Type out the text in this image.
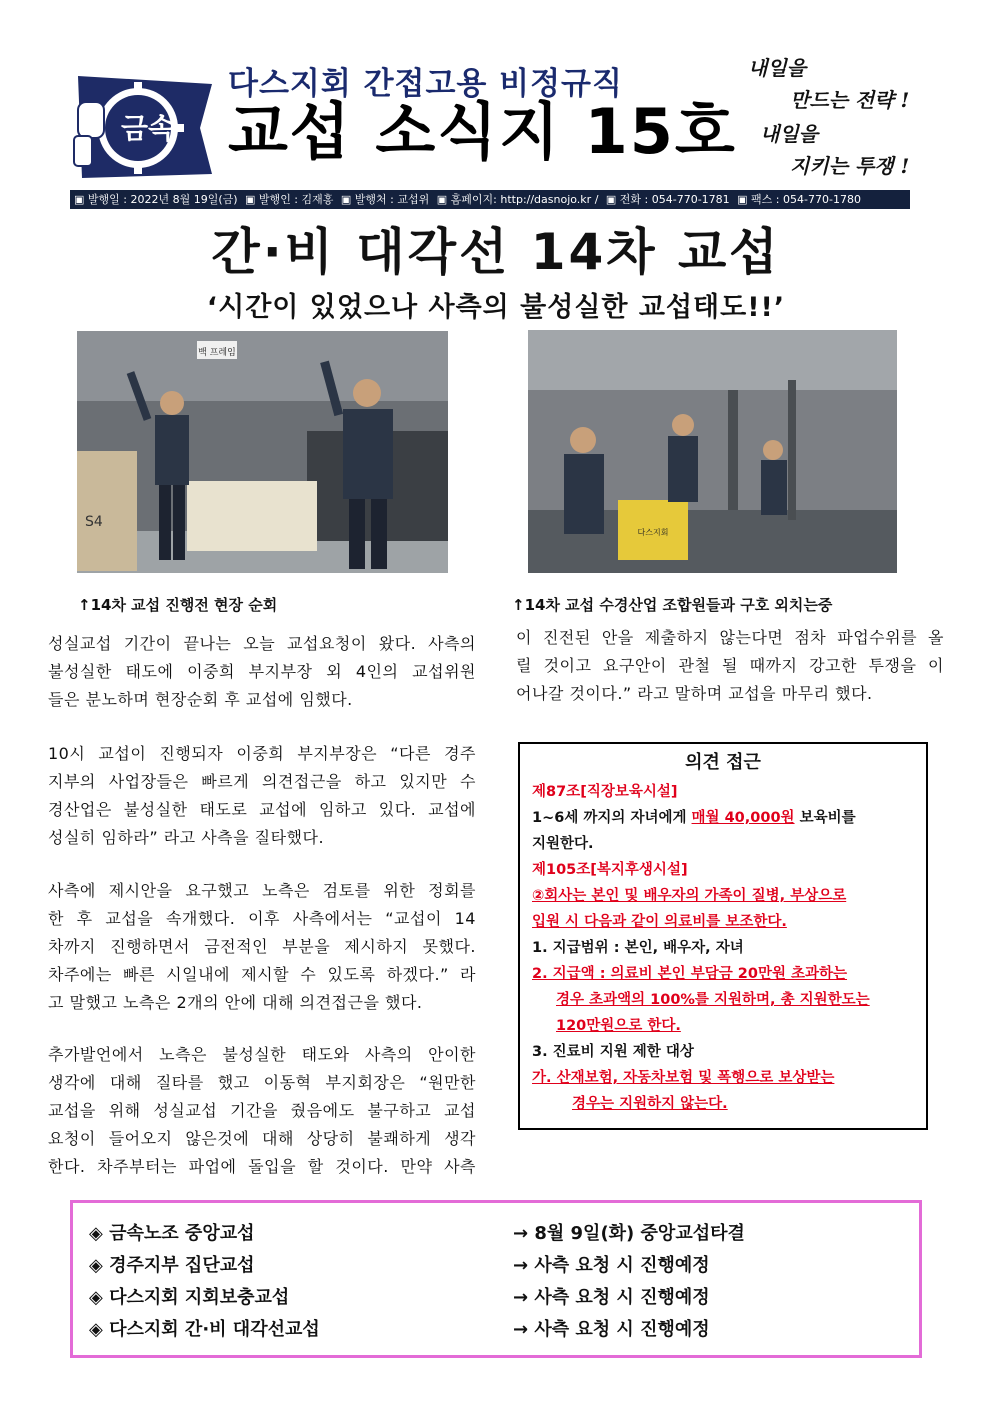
금속
다스지회 간접고용 비정규직
교섭 소식지 15호
내일을
만드는 전략 !
내일을
지키는 투쟁 !
▣ 발행일 : 2022년 8월 19일(금) ▣ 발행인 : 김재홍 ▣ 발행처 : 교섭위 ▣ 홈페이지: http://dasnojo.kr / ▣ 전화 : 054-770-1781 ▣ 팩스 : 054-770-1780
간·비 대각선 14차 교섭
‘시간이 있었으나 사측의 불성실한 교섭태도!!’
백 프레임
S4
다스지회
↑14차 교섭 진행전 현장 순회	↑14차 교섭 수경산업 조합원들과 구호 외치는중
성실교섭 기간이 끝나는 오늘 교섭요청이 왔다. 사측의
불성실한 태도에 이중희 부지부장 외 4인의 교섭위원
들은 분노하며 현장순회 후 교섭에 임했다.
10시 교섭이 진행되자 이중희 부지부장은 “다른 경주
지부의 사업장들은 빠르게 의견접근을 하고 있지만 수
경산업은 불성실한 태도로 교섭에 임하고 있다. 교섭에
성실히 임하라” 라고 사측을 질타했다.
사측에 제시안을 요구했고 노측은 검토를 위한 정회를
한 후 교섭을 속개했다. 이후 사측에서는 “교섭이 14
차까지 진행하면서 금전적인 부분을 제시하지 못했다.
차주에는 빠른 시일내에 제시할 수 있도록 하겠다.” 라
고 말했고 노측은 2개의 안에 대해 의견접근을 했다.
추가발언에서 노측은 불성실한 태도와 사측의 안이한
생각에 대해 질타를 했고 이동혁 부지회장은 “원만한
교섭을 위해 성실교섭 기간을 줬음에도 불구하고 교섭
요청이 들어오지 않은것에 대해 상당히 불쾌하게 생각
한다. 차주부터는 파업에 돌입을 할 것이다. 만약 사측
이 진전된 안을 제출하지 않는다면 점차 파업수위를 올
릴 것이고 요구안이 관철 될 때까지 강고한 투쟁을 이
어나갈 것이다.” 라고 말하며 교섭을 마무리 했다.
의견 접근
제87조[직장보육시설]
1~6세 까지의 자녀에게 매월 40,000원 보육비를
지원한다.
제105조[복지후생시설]
②회사는 본인 및 배우자의 가족이 질병, 부상으로
입원 시 다음과 같이 의료비를 보조한다.
1. 지급범위 : 본인, 배우자, 자녀
2. 지급액 : 의료비 본인 부담금 20만원 초과하는
경우 초과액의 100%를 지원하며, 총 지원한도는
120만원으로 한다.
3. 진료비 지원 제한 대상
가. 산재보험, 자동차보험 및 폭행으로 보상받는
경우는 지원하지 않는다.
◈ 금속노조 중앙교섭	→ 8월 9일(화) 중앙교섭타결
◈ 경주지부 집단교섭	→ 사측 요청 시 진행예정
◈ 다스지회 지회보충교섭	→ 사측 요청 시 진행예정
◈ 다스지회 간·비 대각선교섭	→ 사측 요청 시 진행예정
